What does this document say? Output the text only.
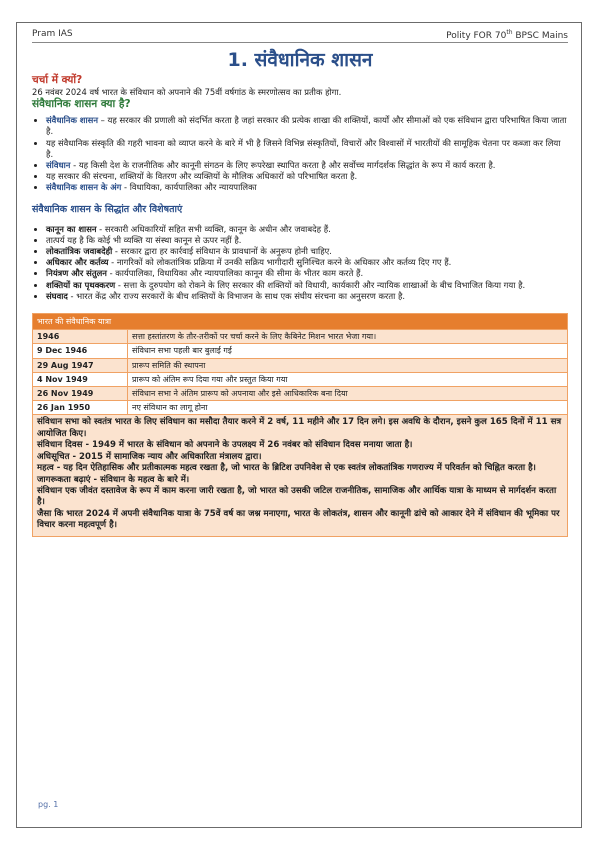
Pram IAS	Polity FOR 70th BPSC Mains
1. संवैधानिक शासन
चर्चा में क्यों?

26 नवंबर 2024 वर्ष भारत के संविधान को अपनाने की 75वीं वर्षगांठ के स्मरणोत्सव का प्रतीक होगा.

संवैधानिक शासन क्या है?
• संवैधानिक शासन – यह सरकार की प्रणाली को संदर्भित करता है जहां सरकार की प्रत्येक शाखा की शक्तियों, कार्यों और सीमाओं को एक संविधान द्वारा परिभाषित किया जाता है.
• यह संवैधानिक संस्कृति की गहरी भावना को व्याप्त करने के बारे में भी है जिसने विभिन्न संस्कृतियों, विचारों और विश्वासों में भारतीयों की सामूहिक चेतना पर कब्जा कर लिया है.
• संविधान - यह किसी देश के राजनीतिक और कानूनी संगठन के लिए रूपरेखा स्थापित करता है और सर्वोच्च मार्गदर्शक सिद्धांत के रूप में कार्य करता है.
• यह सरकार की संरचना, शक्तियों के वितरण और व्यक्तियों के मौलिक अधिकारों को परिभाषित करता है.
• संवैधानिक शासन के अंग - विधायिका, कार्यपालिका और न्यायपालिका
संवैधानिक शासन के सिद्धांत और विशेषताएं
• कानून का शासन - सरकारी अधिकारियों सहित सभी व्यक्ति, कानून के अधीन और जवाबदेह हैं.
• तात्पर्य यह है कि कोई भी व्यक्ति या संस्था कानून से ऊपर नहीं है.
• लोकतांत्रिक जवाबदेही - सरकार द्वारा हर कार्रवाई संविधान के प्रावधानों के अनुरूप होनी चाहिए.
• अधिकार और कर्तव्य - नागरिकों को लोकतांत्रिक प्रक्रिया में उनकी सक्रिय भागीदारी सुनिश्चित करने के अधिकार और कर्तव्य दिए गए हैं.
• नियंत्रण और संतुलन - कार्यपालिका, विधायिका और न्यायपालिका कानून की सीमा के भीतर काम करते हैं.
• शक्तियों का पृथक्करण - सत्ता के दुरुपयोग को रोकने के लिए सरकार की शक्तियों को विधायी, कार्यकारी और न्यायिक शाखाओं के बीच विभाजित किया गया है.
• संघवाद - भारत केंद्र और राज्य सरकारों के बीच शक्तियों के विभाजन के साथ एक संघीय संरचना का अनुसरण करता है.
भारत की संवैधानिक यात्रा	
1946	सत्ता हस्तांतरण के तौर-तरीकों पर चर्चा करने के लिए कैबिनेट मिशन भारत भेजा गया।
9 Dec 1946	संविधान सभा पहली बार बुलाई गई
29 Aug 1947	प्रारूप समिति की स्थापना
4 Nov 1949	प्रारूप को अंतिम रूप दिया गया और प्रस्तुत किया गया
26 Nov 1949	संविधान सभा ने अंतिम प्रारूप को अपनाया और इसे आधिकारिक बना दिया
26 Jan 1950	नए संविधान का लागू होना

संविधान सभा को स्वतंत्र भारत के लिए संविधान का मसौदा तैयार करने में 2 वर्ष, 11 महीने और 17 दिन लगे। इस अवधि के दौरान, इसने कुल 165 दिनों में 11 सत्र आयोजित किए।

संविधान दिवस - 1949 में भारत के संविधान को अपनाने के उपलक्ष्य में 26 नवंबर को संविधान दिवस मनाया जाता है।

अधिसूचित - 2015 में सामाजिक न्याय और अधिकारिता मंत्रालय द्वारा।

महत्व - यह दिन ऐतिहासिक और प्रतीकात्मक महत्व रखता है, जो भारत के ब्रिटिश उपनिवेश से एक स्वतंत्र लोकतांत्रिक गणराज्य में परिवर्तन को चिह्नित करता है।

जागरूकता बढ़ाएं - संविधान के महत्व के बारे में।

संविधान एक जीवंत दस्तावेज के रूप में काम करना जारी रखता है, जो भारत को उसकी जटिल राजनीतिक, सामाजिक और आर्थिक यात्रा के माध्यम से मार्गदर्शन करता है।

जैसा कि भारत 2024 में अपनी संवैधानिक यात्रा के 75वें वर्ष का जश्न मनाएगा, भारत के लोकतंत्र, शासन और कानूनी ढांचे को आकार देने में संविधान की भूमिका पर विचार करना महत्वपूर्ण है।

pg. 1
